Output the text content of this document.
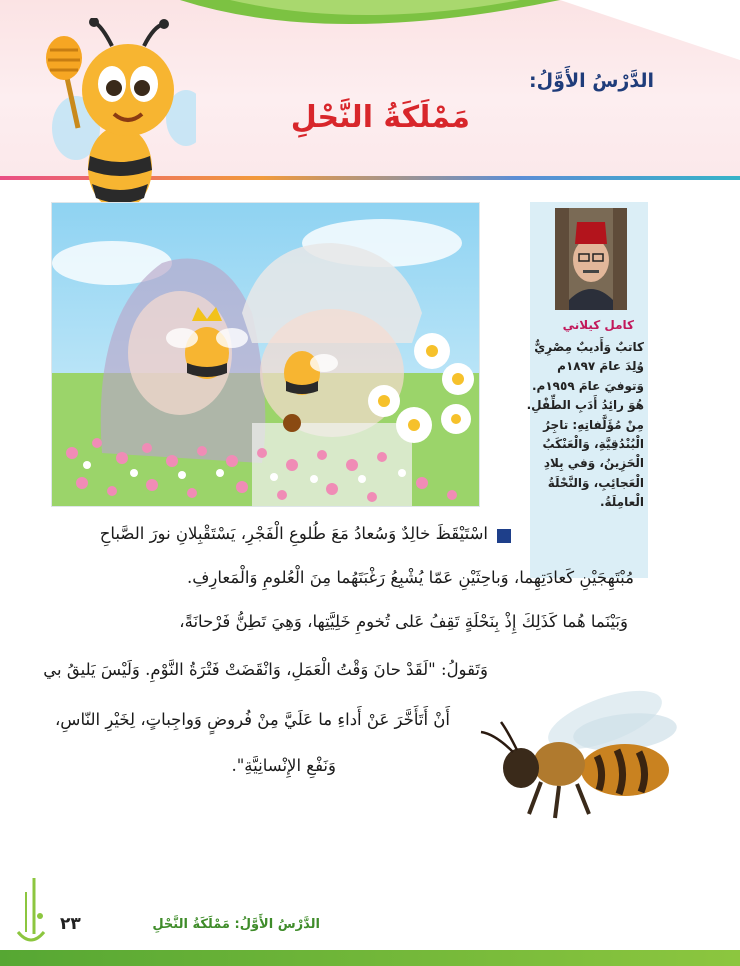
الدَّرْسُ الأَوَّلُ:
مَمْلَكَةُ النَّحْلِ
كامل كيلاني
كاتبٌ وَأَديبٌ مِصْرِيٌّ
وُلِدَ عامَ ١٨٩٧م
وَتوفيَ عامَ ١٩٥٩م.
هُوَ رائِدُ أَدَبِ الطِّفْلِ.
مِنْ مُؤَلَّفاتِهِ: تاجِرُ
الْبُنْدُقِيَّةِ، وَالْعَنْكَبُ
الْحَزِينُ، وَفي بِلادِ
الْعَجائِبِ، وَالنَّحْلَةُ
الْعامِلَةُ.
اسْتَيْقَظَ خالِدٌ وَسُعادُ مَعَ طُلوعِ الْفَجْرِ، يَسْتَقْبِلانِ نورَ الصَّباحِ
مُبْتَهِجَيْنِ كَعادَتِهِما، وَباحِثَيْنِ عَمّا يُشْبِعُ رَغْبَتَهُما مِنَ الْعُلومِ وَالْمَعارِفِ.
وَبَيْنَما هُما كَذَلِكَ إِذْ بِنَحْلَةٍ تَقِفُ عَلى تُخومِ خَلِيَّتِها، وَهِيَ تَطِنُّ فَرْحانَةً،
وَتَقولُ: "لَقَدْ حانَ وَقْتُ الْعَمَلِ، وَانْقَضَتْ فَتْرَةُ النَّوْمِ. وَلَيْسَ يَليقُ بي
أَنْ أَتَأَخَّرَ عَنْ أَداءِ ما عَلَيَّ مِنْ فُروضٍ وَواجِباتٍ، لِخَيْرِ النّاسِ،
وَنَفْعِ الإِنْسانِيَّةِ".
٢٣	الدَّرْسُ الأَوَّلُ: مَمْلَكَةُ النَّحْلِ
